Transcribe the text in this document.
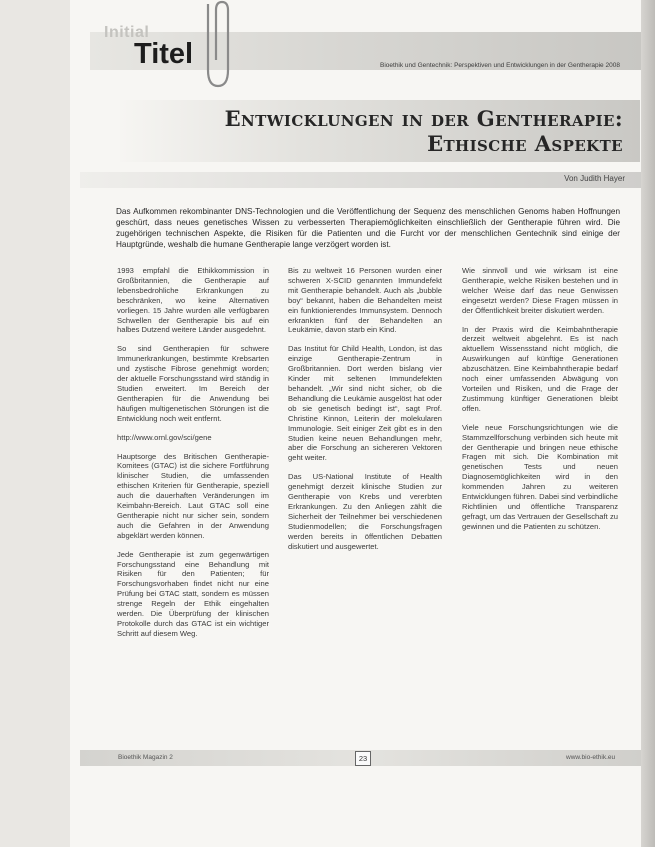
Initial
Titel	Bioethik und Gentechnik: Perspektiven und Entwicklungen in der Gentherapie 2008
Entwicklungen in der Gentherapie:
Ethische Aspekte
Von Judith Hayer
Das Aufkommen rekombinanter DNS-Technologien und die Veröffentlichung der Sequenz des menschlichen Genoms haben Hoffnungen geschürt, dass neues genetisches Wissen zu verbesserten Therapiemöglichkeiten einschließlich der Gentherapie führen wird. Die zugehörigen technischen Aspekte, die Risiken für die Patienten und die Furcht vor der menschlichen Gentechnik sind einige der Hauptgründe, weshalb die humane Gentherapie lange verzögert worden ist.

1993 empfahl die Ethikkommission in Großbritannien, die Gentherapie auf lebensbedrohliche Erkrankungen zu beschränken, wo keine Alternativen vorliegen. 15 Jahre wurden alle verfügbaren Schwellen der Gentherapie bis auf ein halbes Dutzend weitere Länder ausgedehnt.

So sind Gentherapien für schwere Immunerkrankungen, bestimmte Krebsarten und zystische Fibrose genehmigt worden; der aktuelle Forschungsstand wird ständig in Studien erweitert. Im Bereich der Gentherapien für die Anwendung bei häufigen multigenetischen Störungen ist die Entwicklung noch weit entfernt.

http://www.ornl.gov/sci/gene

Hauptsorge des Britischen Gentherapie-Komitees (GTAC) ist die sichere Fortführung klinischer Studien, die umfassenden ethischen Kriterien für Gentherapie, speziell auch die dauerhaften Veränderungen im Keimbahn-Bereich. Laut GTAC soll eine Gentherapie nicht nur sicher sein, sondern auch die Gefahren in der Anwendung abgeklärt werden können.

Jede Gentherapie ist zum gegenwärtigen Forschungsstand eine Behandlung mit Risiken für den Patienten; für Forschungsvorhaben findet nicht nur eine Prüfung bei GTAC statt, sondern es müssen strenge Regeln der Ethik eingehalten werden. Die Überprüfung der klinischen Protokolle durch das GTAC ist ein wichtiger Schritt auf diesem Weg.

Bis zu weltweit 16 Personen wurden einer schweren X-SCID genannten Immundefekt mit Gentherapie behandelt. Auch als „bubble boy“ bekannt, haben die Behandelten meist ein funktionierendes Immunsystem. Dennoch erkrankten fünf der Behandelten an Leukämie, davon starb ein Kind.

Das Institut für Child Health, London, ist das einzige Gentherapie-Zentrum in Großbritannien. Dort werden bislang vier Kinder mit seltenen Immundefekten behandelt. „Wir sind nicht sicher, ob die Behandlung die Leukämie ausgelöst hat oder ob sie genetisch bedingt ist“, sagt Prof. Christine Kinnon, Leiterin der molekularen Immunologie. Seit einiger Zeit gibt es in den Studien keine neuen Behandlungen mehr, aber die Forschung an sichereren Vektoren geht weiter.

Das US-National Institute of Health genehmigt derzeit klinische Studien zur Gentherapie von Krebs und vererbten Erkrankungen. Zu den Anliegen zählt die Sicherheit der Teilnehmer bei verschiedenen Studienmodellen; die Forschungsfragen werden bereits in öffentlichen Debatten diskutiert und ausgewertet.

Wie sinnvoll und wie wirksam ist eine Gentherapie, welche Risiken bestehen und in welcher Weise darf das neue Genwissen eingesetzt werden? Diese Fragen müssen in der Öffentlichkeit breiter diskutiert werden.

In der Praxis wird die Keimbahntherapie derzeit weltweit abgelehnt. Es ist nach aktuellem Wissensstand nicht möglich, die Auswirkungen auf künftige Generationen abzuschätzen. Eine Keimbahntherapie bedarf noch einer umfassenden Abwägung von Vorteilen und Risiken, und die Frage der Zustimmung künftiger Generationen bleibt offen.

Viele neue Forschungsrichtungen wie die Stammzellforschung verbinden sich heute mit der Gentherapie und bringen neue ethische Fragen mit sich. Die Kombination mit genetischen Tests und neuen Diagnosemöglichkeiten wird in den kommenden Jahren zu weiteren Entwicklungen führen. Dabei sind verbindliche Richtlinien und öffentliche Transparenz gefragt, um das Vertrauen der Gesellschaft zu gewinnen und die Patienten zu schützen.

Bioethik Magazin 2	23	www.bio-ethik.eu
